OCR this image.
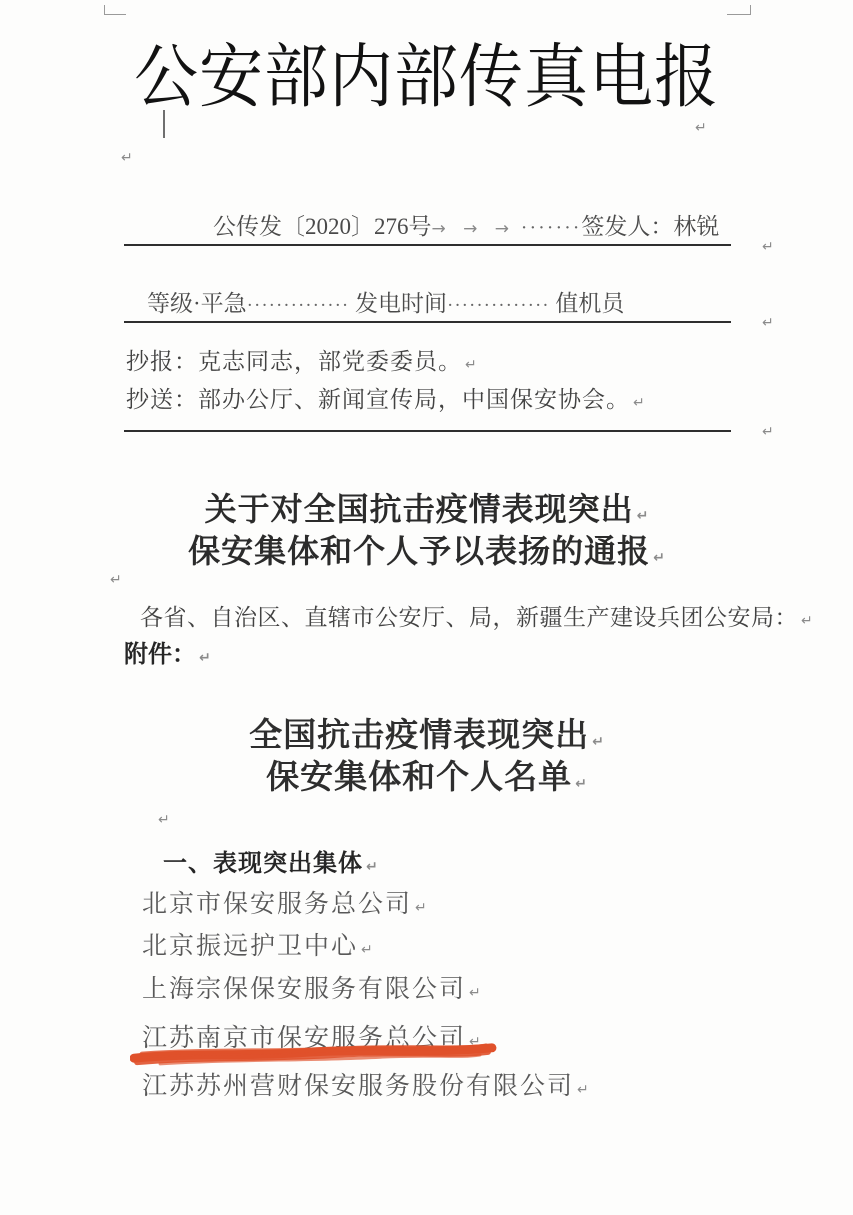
公安部内部传真电报
↵
↵

公传发〔2020〕276号→ → → ·······签发人：林锐

↵

等级·平急·············· 发电时间·············· 值机员

↵
抄报：克志同志，部党委委员。 ↵
抄送：部办公厅、新闻宣传局，中国保安协会。 ↵
↵
关于对全国抗击疫情表现突出 ↵
保安集体和个人予以表扬的通报 ↵
↵
各省、自治区、直辖市公安厅、局，新疆生产建设兵团公安局： ↵
附件： ↵
全国抗击疫情表现突出 ↵
保安集体和个人名单 ↵
↵
一、表现突出集体 ↵
北京市保安服务总公司 ↵
北京振远护卫中心 ↵
上海宗保保安服务有限公司 ↵
江苏南京市保安服务总公司 ↵
江苏苏州营财保安服务股份有限公司 ↵
